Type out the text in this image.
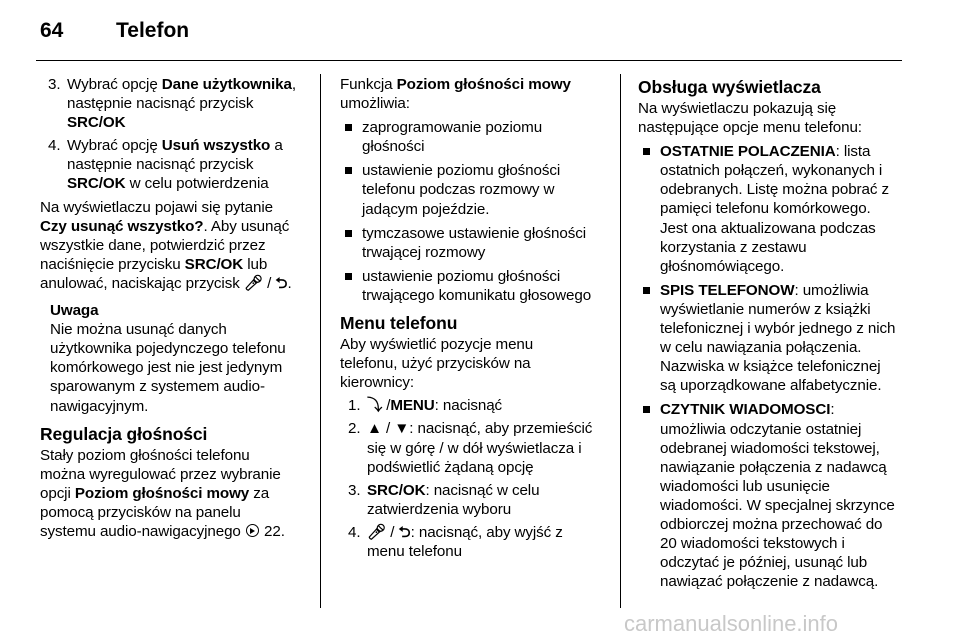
64	Telefon
3. Wybrać opcję Dane użytkownika,
następnie nacisnąć przycisk
SRC/OK
4. Wybrać opcję Usuń wszystko a
następnie nacisnąć przycisk
SRC/OK w celu potwierdzenia

Na wyświetlaczu pojawi się pytanie
Czy usunąć wszystko?. Aby usunąć
wszystkie dane, potwierdzić przez
naciśnięcie przycisku SRC/OK lub
anulować, naciskając przycisk 🎤︎ / ⮌.

Uwaga

Nie można usunąć danych
użytkownika pojedynczego telefonu
komórkowego jest nie jest jedynym
sparowanym z systemem audio-
nawigacyjnym.

Regulacja głośności

Stały poziom głośności telefonu
można wyregulować przez wybranie
opcji Poziom głośności mowy za
pomocą przycisków na panelu
systemu audio-nawigacyjnego  22.

Funkcja Poziom głośności mowy
umożliwia:

zaprogramowanie poziomu
głośności
ustawienie poziomu głośności
telefonu podczas rozmowy w
jadącym pojeździe.
tymczasowe ustawienie głośności
trwającej rozmowy
ustawienie poziomu głośności
trwającego komunikatu głosowego

Menu telefonu

Aby wyświetlić pozycje menu
telefonu, użyć przycisków na
kierownicy:

1. ⤵ /MENU: nacisnąć
2. ▲ / ▼: nacisnąć, aby przemieścić
się w górę / w dół wyświetlacza i
podświetlić żądaną opcję
3. SRC/OK: nacisnąć w celu
zatwierdzenia wyboru
4. 🎤︎ / ⮌: nacisnąć, aby wyjść z
menu telefonu

Obsługa wyświetlacza

Na wyświetlaczu pokazują się
następujące opcje menu telefonu:

OSTATNIE POLACZENIA: lista
ostatnich połączeń, wykonanych i
odebranych. Listę można pobrać z
pamięci telefonu komórkowego.
Jest ona aktualizowana podczas
korzystania z zestawu
głośnomówiącego.
SPIS TELEFONOW: umożliwia
wyświetlanie numerów z książki
telefonicznej i wybór jednego z nich
w celu nawiązania połączenia.
Nazwiska w książce telefonicznej
są uporządkowane alfabetycznie.
CZYTNIK WIADOMOSCI:
umożliwia odczytanie ostatniej
odebranej wiadomości tekstowej,
nawiązanie połączenia z nadawcą
wiadomości lub usunięcie
wiadomości. W specjalnej skrzynce
odbiorczej można przechować do
20 wiadomości tekstowych i
odczytać je później, usunąć lub
nawiązać połączenie z nadawcą.
carmanualsonline.info
